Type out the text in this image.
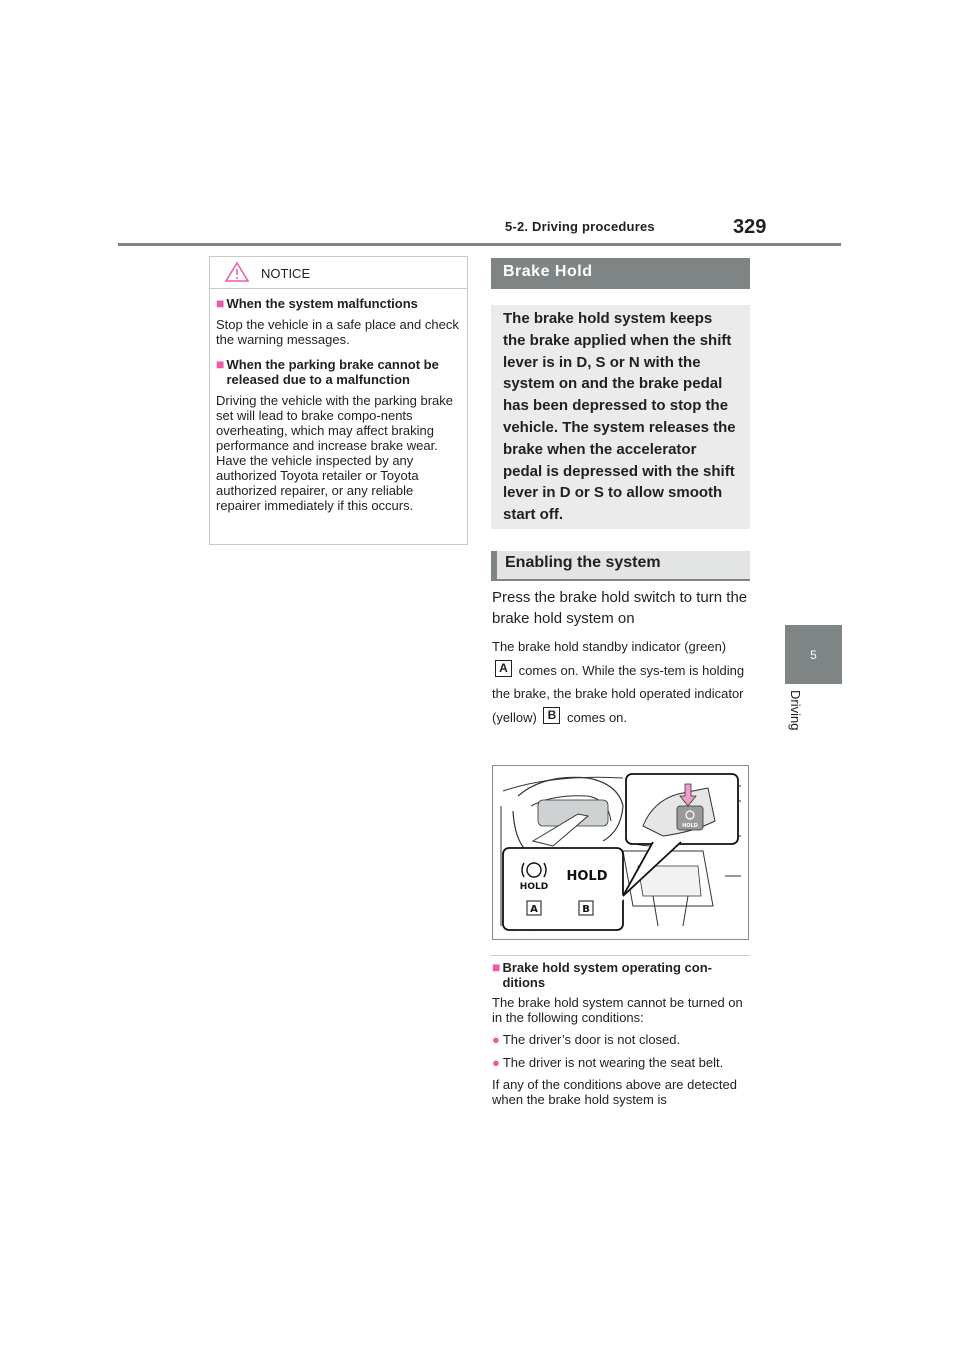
5-2. Driving procedures	329
5
Driving
NOTICE
■ When the system malfunctions
Stop the vehicle in a safe place and check the warning messages.
■ When the parking brake cannot be released due to a malfunction
Driving the vehicle with the parking brake set will lead to brake compo-nents overheating, which may affect braking performance and increase brake wear. Have the vehicle inspected by any authorized Toyota retailer or Toyota authorized repairer, or any reliable repairer immediately if this occurs.
Brake Hold
The brake hold system keeps the brake applied when the shift lever is in D, S or N with the system on and the brake pedal has been depressed to stop the vehicle. The system releases the brake when the accelerator pedal is depressed with the shift lever in D or S to allow smooth start off.
Enabling the system
Press the brake hold switch to turn the brake hold system on
The brake hold standby indicator (green) A comes on. While the sys-tem is holding the brake, the brake hold operated indicator (yellow) B comes on.
HOLD
HOLD
HOLD
A	B
■ Brake hold system operating con-ditions
The brake hold system cannot be turned on in the following conditions:
● The driver’s door is not closed.
● The driver is not wearing the seat belt.
If any of the conditions above are detected when the brake hold system is
